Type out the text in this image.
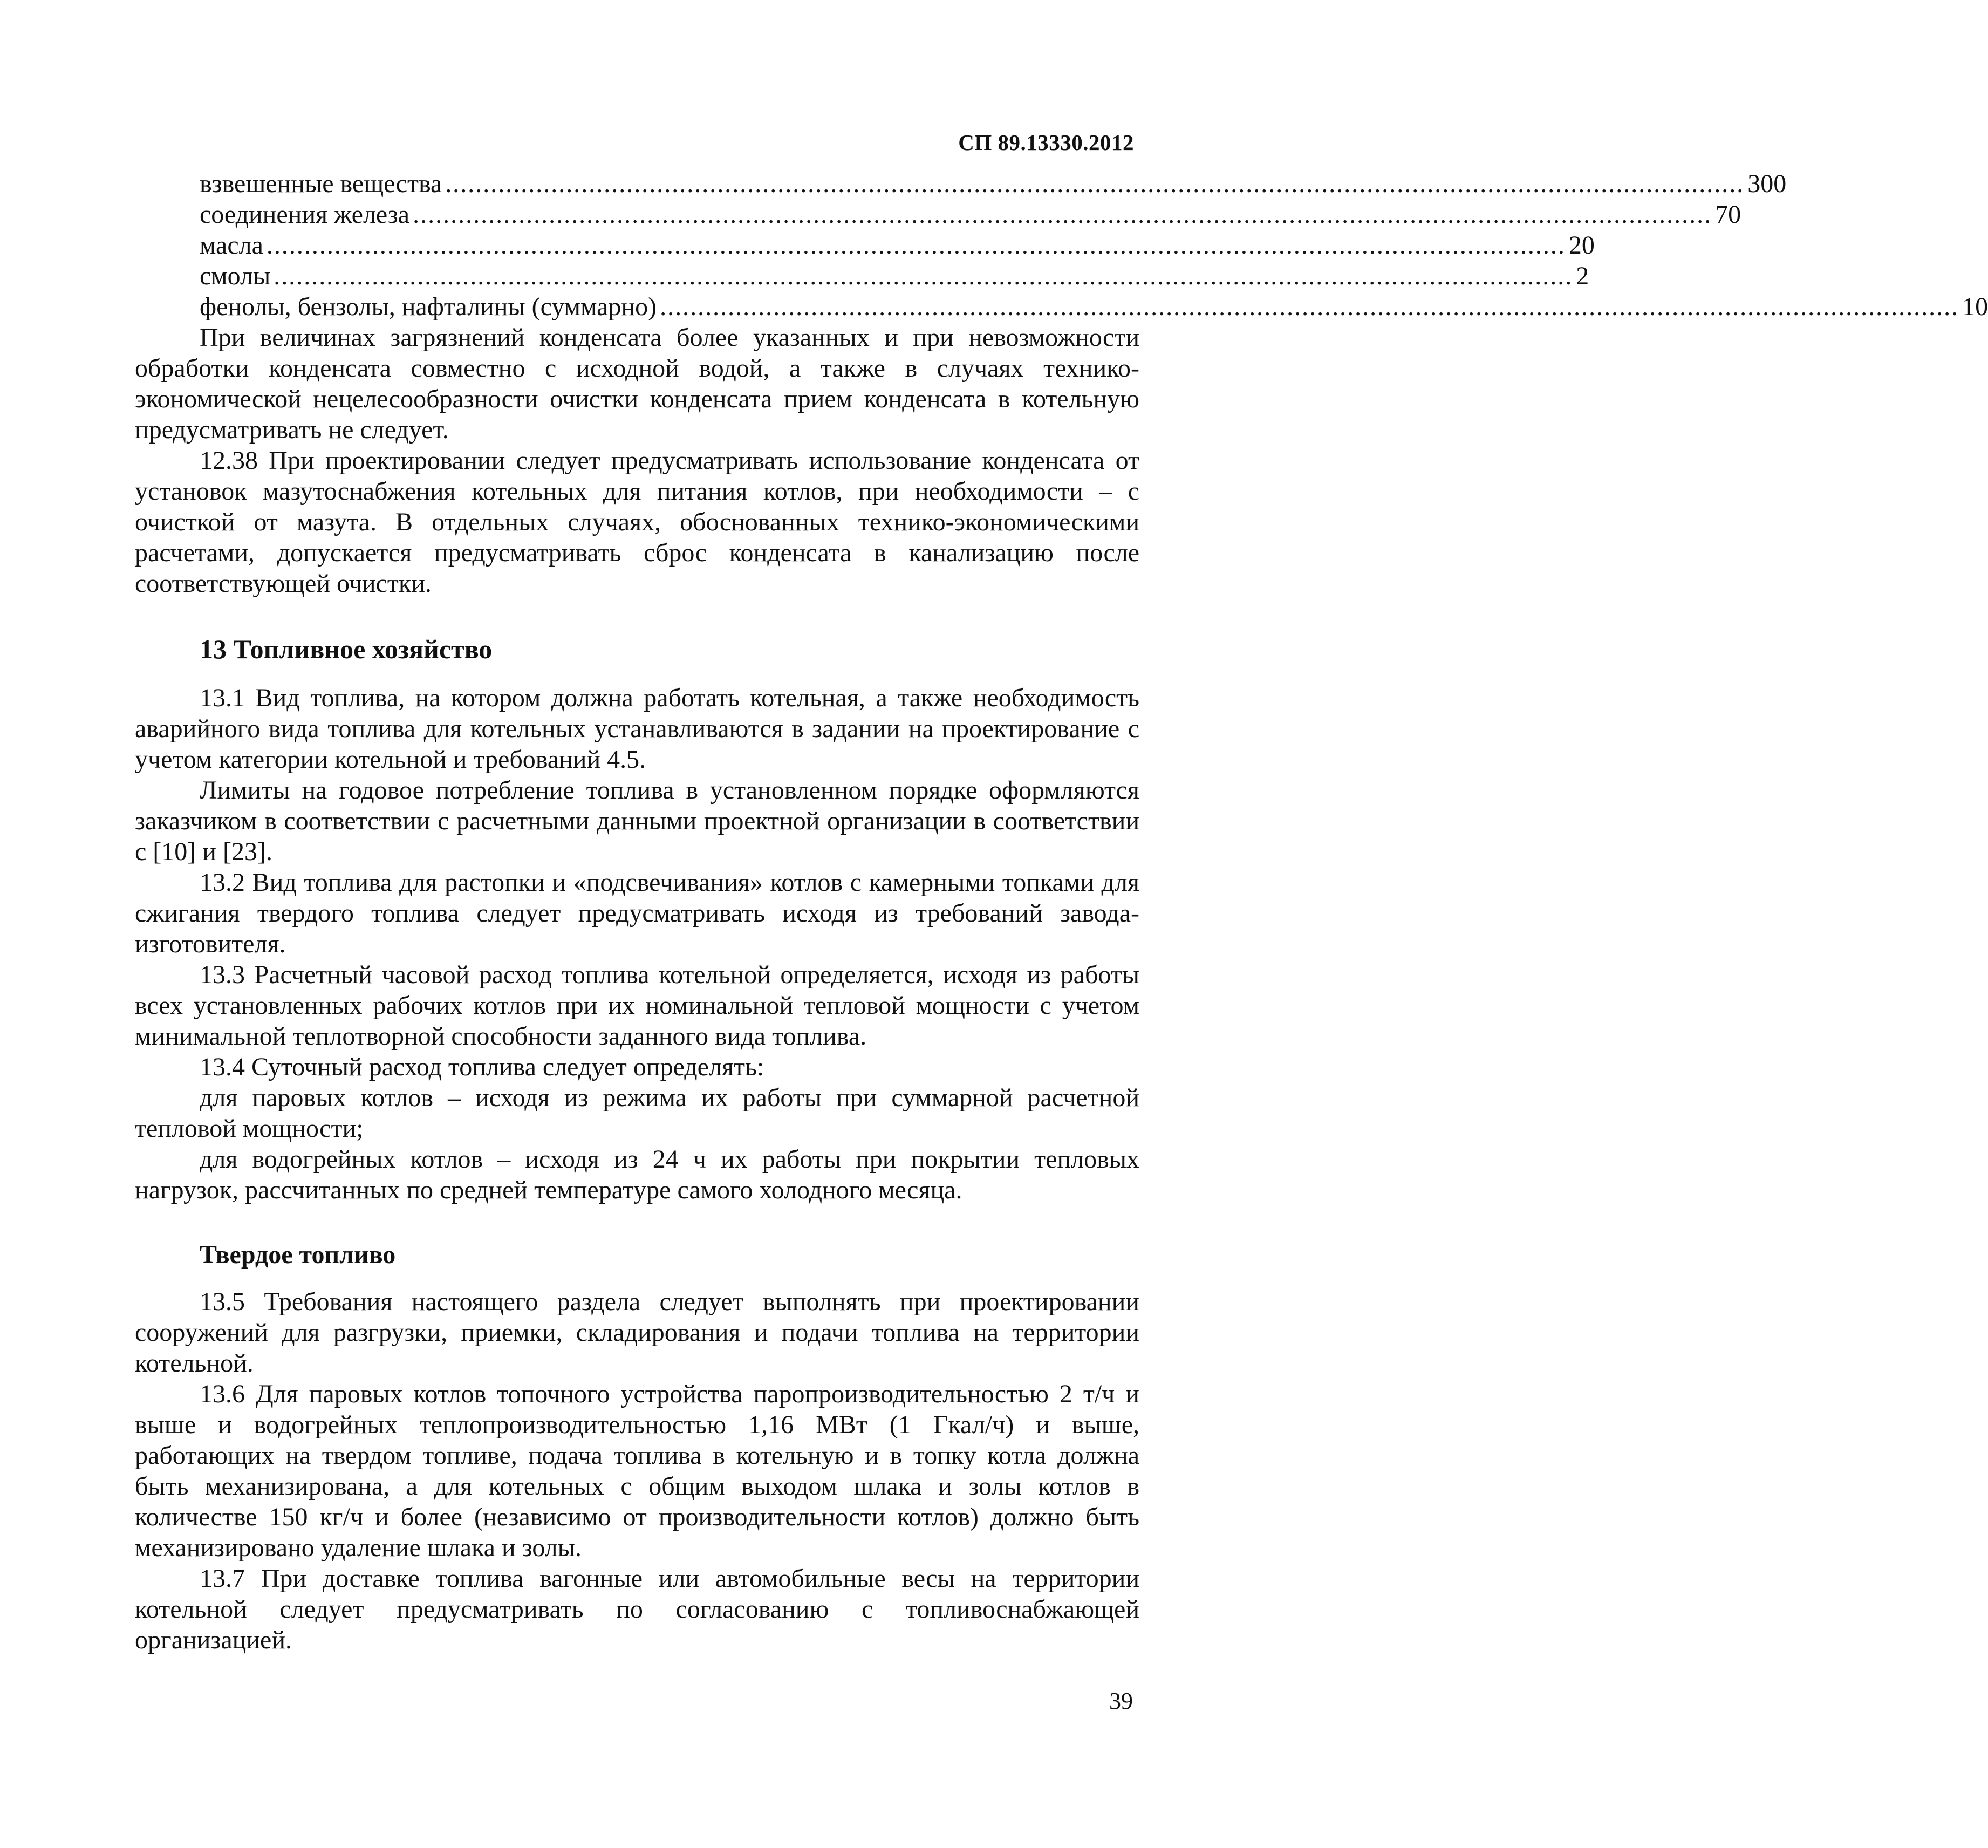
СП 89.13330.2012
взвешенные вещества ............................................................................................................................................................................ 300
соединения железа ............................................................................................................................................................................ 70
масла ............................................................................................................................................................................ 20
смолы ............................................................................................................................................................................ 2
фенолы, бензолы, нафталины (суммарно) ............................................................................................................................................................................ 10

При величинах загрязнений конденсата более указанных и при невозможности обработки конденсата совместно с исходной водой, а также в случаях технико-экономической нецелесообразности очистки конденсата прием конденсата в котельную предусматривать не следует.

12.38 При проектировании следует предусматривать использование конденсата от установок мазутоснабжения котельных для питания котлов, при необходимости – с очисткой от мазута. В отдельных случаях, обоснованных технико-экономическими расчетами, допускается предусматривать сброс конденсата в канализацию после соответствующей очистки.

13 Топливное хозяйство

13.1 Вид топлива, на котором должна работать котельная, а также необходимость аварийного вида топлива для котельных устанавливаются в задании на проектирование с учетом категории котельной и требований 4.5.

Лимиты на годовое потребление топлива в установленном порядке оформляются заказчиком в соответствии с расчетными данными проектной организации в соответствии с [10] и [23].

13.2 Вид топлива для растопки и «подсвечивания» котлов с камерными топками для сжигания твердого топлива следует предусматривать исходя из требований завода-изготовителя.

13.3 Расчетный часовой расход топлива котельной определяется, исходя из работы всех установленных рабочих котлов при их номинальной тепловой мощности с учетом минимальной теплотворной способности заданного вида топлива.

13.4 Суточный расход топлива следует определять:

для паровых котлов – исходя из режима их работы при суммарной расчетной тепловой мощности;

для водогрейных котлов – исходя из 24 ч их работы при покрытии тепловых нагрузок, рассчитанных по средней температуре самого холодного месяца.

Твердое топливо

13.5 Требования настоящего раздела следует выполнять при проектировании сооружений для разгрузки, приемки, складирования и подачи топлива на территории котельной.

13.6 Для паровых котлов топочного устройства паропроизводительностью 2 т/ч и выше и водогрейных теплопроизводительностью 1,16 МВт (1 Гкал/ч) и выше, работающих на твердом топливе, подача топлива в котельную и в топку котла должна быть механизирована, а для котельных с общим выходом шлака и золы котлов в количестве 150 кг/ч и более (независимо от производительности котлов) должно быть механизировано удаление шлака и золы.

13.7 При доставке топлива вагонные или автомобильные весы на территории котельной следует предусматривать по согласованию с топливоснабжающей организацией.

39
